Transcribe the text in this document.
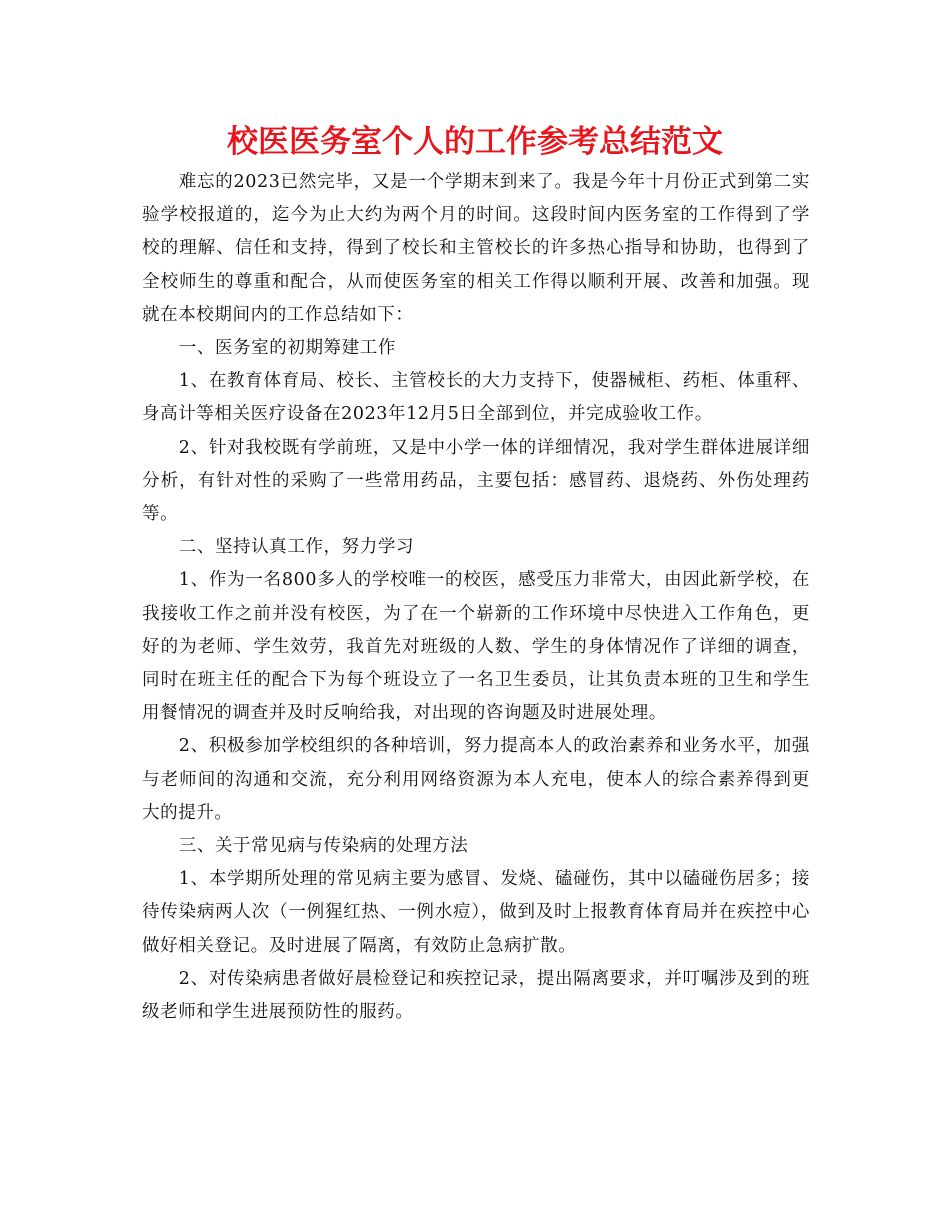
校医医务室个人的工作参考总结范文

难忘的2023已然完毕，又是一个学期末到来了。我是今年十月份正式到第二实验学校报道的，迄今为止大约为两个月的时间。这段时间内医务室的工作得到了学校的理解、信任和支持，得到了校长和主管校长的许多热心指导和协助，也得到了全校师生的尊重和配合，从而使医务室的相关工作得以顺利开展、改善和加强。现就在本校期间内的工作总结如下：

一、医务室的初期筹建工作

1、在教育体育局、校长、主管校长的大力支持下，使器械柜、药柜、体重秤、身高计等相关医疗设备在2023年12月5日全部到位，并完成验收工作。

2、针对我校既有学前班，又是中小学一体的详细情况，我对学生群体进展详细分析，有针对性的采购了一些常用药品，主要包括：感冒药、退烧药、外伤处理药等。

二、坚持认真工作，努力学习

1、作为一名800多人的学校唯一的校医，感受压力非常大，由因此新学校，在我接收工作之前并没有校医，为了在一个崭新的工作环境中尽快进入工作角色，更好的为老师、学生效劳，我首先对班级的人数、学生的身体情况作了详细的调查，同时在班主任的配合下为每个班设立了一名卫生委员，让其负责本班的卫生和学生用餐情况的调查并及时反响给我，对出现的咨询题及时进展处理。

2、积极参加学校组织的各种培训，努力提高本人的政治素养和业务水平，加强与老师间的沟通和交流，充分利用网络资源为本人充电，使本人的综合素养得到更大的提升。

三、关于常见病与传染病的处理方法

1、本学期所处理的常见病主要为感冒、发烧、磕碰伤，其中以磕碰伤居多；接待传染病两人次（一例猩红热、一例水痘），做到及时上报教育体育局并在疾控中心做好相关登记。及时进展了隔离，有效防止急病扩散。

2、对传染病患者做好晨检登记和疾控记录，提出隔离要求，并叮嘱涉及到的班级老师和学生进展预防性的服药。
